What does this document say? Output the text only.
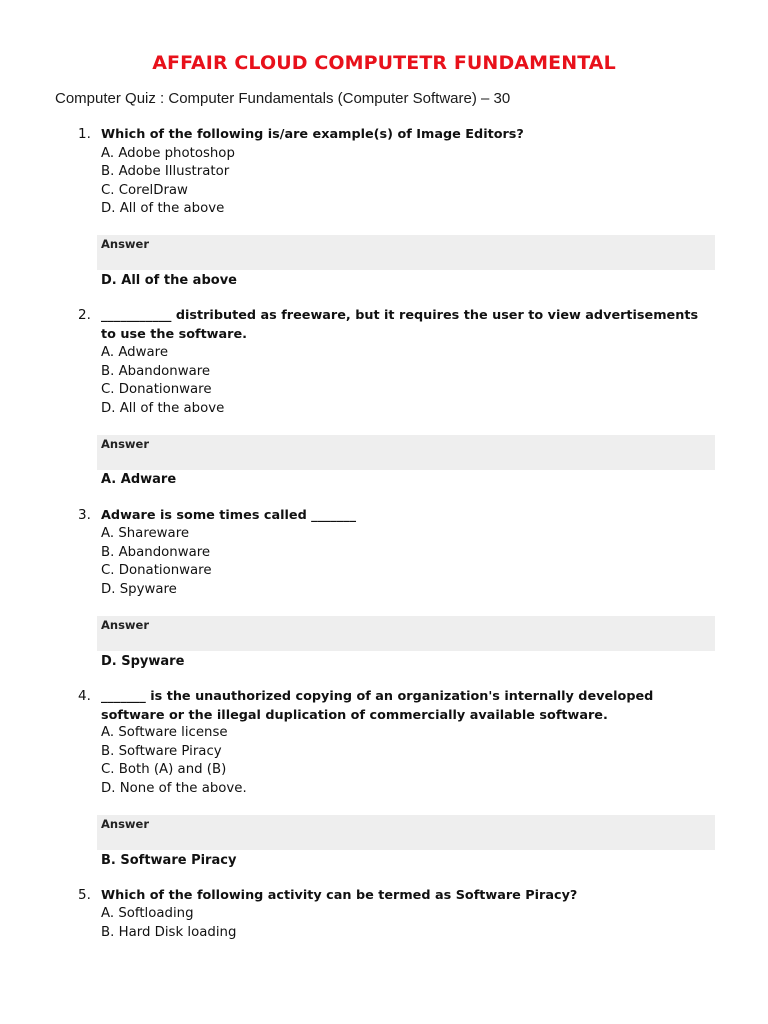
AFFAIR CLOUD COMPUTETR FUNDAMENTAL
Computer Quiz : Computer Fundamentals (Computer Software) – 30
1. Which of the following is/are example(s) of Image Editors?
A. Adobe photoshop
B. Adobe Illustrator
C. CorelDraw
D. All of the above
Answer
D. All of the above
2. ___________ distributed as freeware, but it requires the user to view advertisements to use the software.
A. Adware
B. Abandonware
C. Donationware
D. All of the above
Answer
A. Adware
3. Adware is some times called _______
A. Shareware
B. Abandonware
C. Donationware
D. Spyware
Answer
D. Spyware
4. _______ is the unauthorized copying of an organization's internally developed software or the illegal duplication of commercially available software.
A. Software license
B. Software Piracy
C. Both (A) and (B)
D. None of the above.
Answer
B. Software Piracy
5. Which of the following activity can be termed as Software Piracy?
A. Softloading
B. Hard Disk loading
